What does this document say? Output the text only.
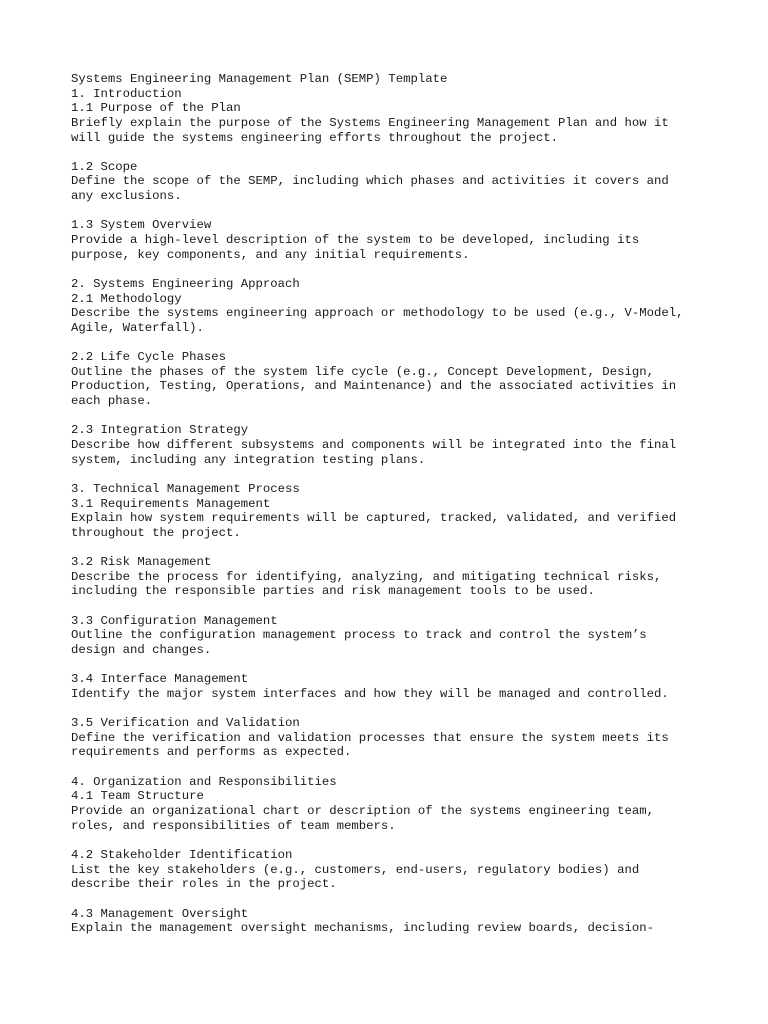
Systems Engineering Management Plan (SEMP) Template
1. Introduction
1.1 Purpose of the Plan
Briefly explain the purpose of the Systems Engineering Management Plan and how it
will guide the systems engineering efforts throughout the project.
1.2 Scope
Define the scope of the SEMP, including which phases and activities it covers and
any exclusions.
1.3 System Overview
Provide a high-level description of the system to be developed, including its
purpose, key components, and any initial requirements.
2. Systems Engineering Approach
2.1 Methodology
Describe the systems engineering approach or methodology to be used (e.g., V-Model,
Agile, Waterfall).
2.2 Life Cycle Phases
Outline the phases of the system life cycle (e.g., Concept Development, Design,
Production, Testing, Operations, and Maintenance) and the associated activities in
each phase.
2.3 Integration Strategy
Describe how different subsystems and components will be integrated into the final
system, including any integration testing plans.
3. Technical Management Process
3.1 Requirements Management
Explain how system requirements will be captured, tracked, validated, and verified
throughout the project.
3.2 Risk Management
Describe the process for identifying, analyzing, and mitigating technical risks,
including the responsible parties and risk management tools to be used.
3.3 Configuration Management
Outline the configuration management process to track and control the system’s
design and changes.
3.4 Interface Management
Identify the major system interfaces and how they will be managed and controlled.
3.5 Verification and Validation
Define the verification and validation processes that ensure the system meets its
requirements and performs as expected.
4. Organization and Responsibilities
4.1 Team Structure
Provide an organizational chart or description of the systems engineering team,
roles, and responsibilities of team members.
4.2 Stakeholder Identification
List the key stakeholders (e.g., customers, end-users, regulatory bodies) and
describe their roles in the project.
4.3 Management Oversight
Explain the management oversight mechanisms, including review boards, decision-
